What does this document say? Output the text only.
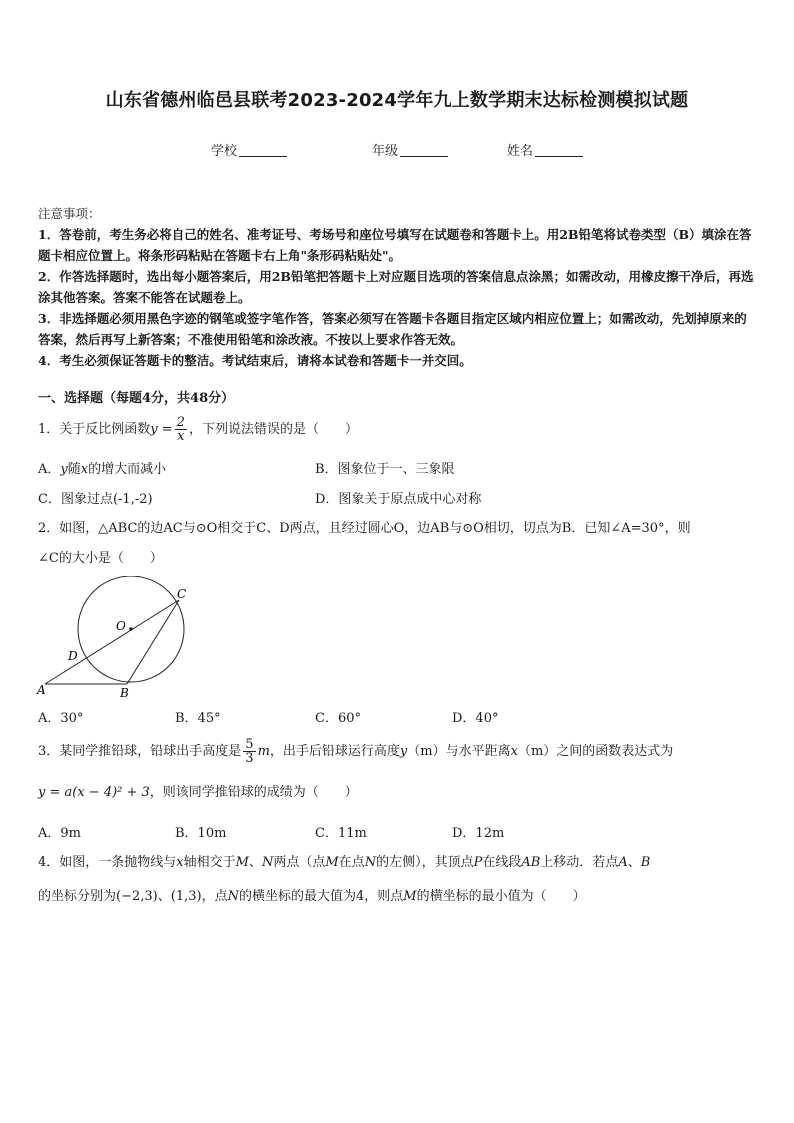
山东省德州临邑县联考2023-2024学年九上数学期末达标检测模拟试题
学校	年级	姓名

注意事项：

1．答卷前，考生务必将自己的姓名、准考证号、考场号和座位号填写在试题卷和答题卡上。用2B铅笔将试卷类型（B）填涂在答题卡相应位置上。将条形码粘贴在答题卡右上角"条形码粘贴处"。

2．作答选择题时，选出每小题答案后，用2B铅笔把答题卡上对应题目选项的答案信息点涂黑；如需改动，用橡皮擦干净后，再选涂其他答案。答案不能答在试题卷上。

3．非选择题必须用黑色字迹的钢笔或签字笔作答，答案必须写在答题卡各题目指定区域内相应位置上；如需改动，先划掉原来的答案，然后再写上新答案；不准使用铅笔和涂改液。不按以上要求作答无效。

4．考生必须保证答题卡的整洁。考试结束后，请将本试卷和答题卡一并交回。

一、选择题（每题4分，共48分）
1．关于反比例函数$y = \frac{2}{x}$ ，下列说法错误的是（　　）
A．y随x的增大而减小	B．图象位于一、三象限
C．图象过点(-1,-2)	D．图象关于原点成中心对称
2．如图，△ABC的边AC与⊙O相交于C、D两点，且经过圆心O，边AB与⊙O相切，切点为B．已知∠A=30°，则
∠C的大小是（　　）
O
C
D
A	B
A．30°	B．45°	C．60°	D．40°
3．某同学推铅球，铅球出手高度是 $\frac{5}{3}$ m，出手后铅球运行高度y（m）与水平距离x（m）之间的函数表达式为
y = a(x − 4)² + 3，则该同学推铅球的成绩为（　　）
A．9m	B．10m	C．11m	D．12m
4．如图，一条抛物线与x轴相交于M、N两点（点M在点N的左侧），其顶点P在线段AB上移动．若点A、B
的坐标分别为(−2,3)、(1,3)，点N的横坐标的最大值为4，则点M的横坐标的最小值为（　　）
